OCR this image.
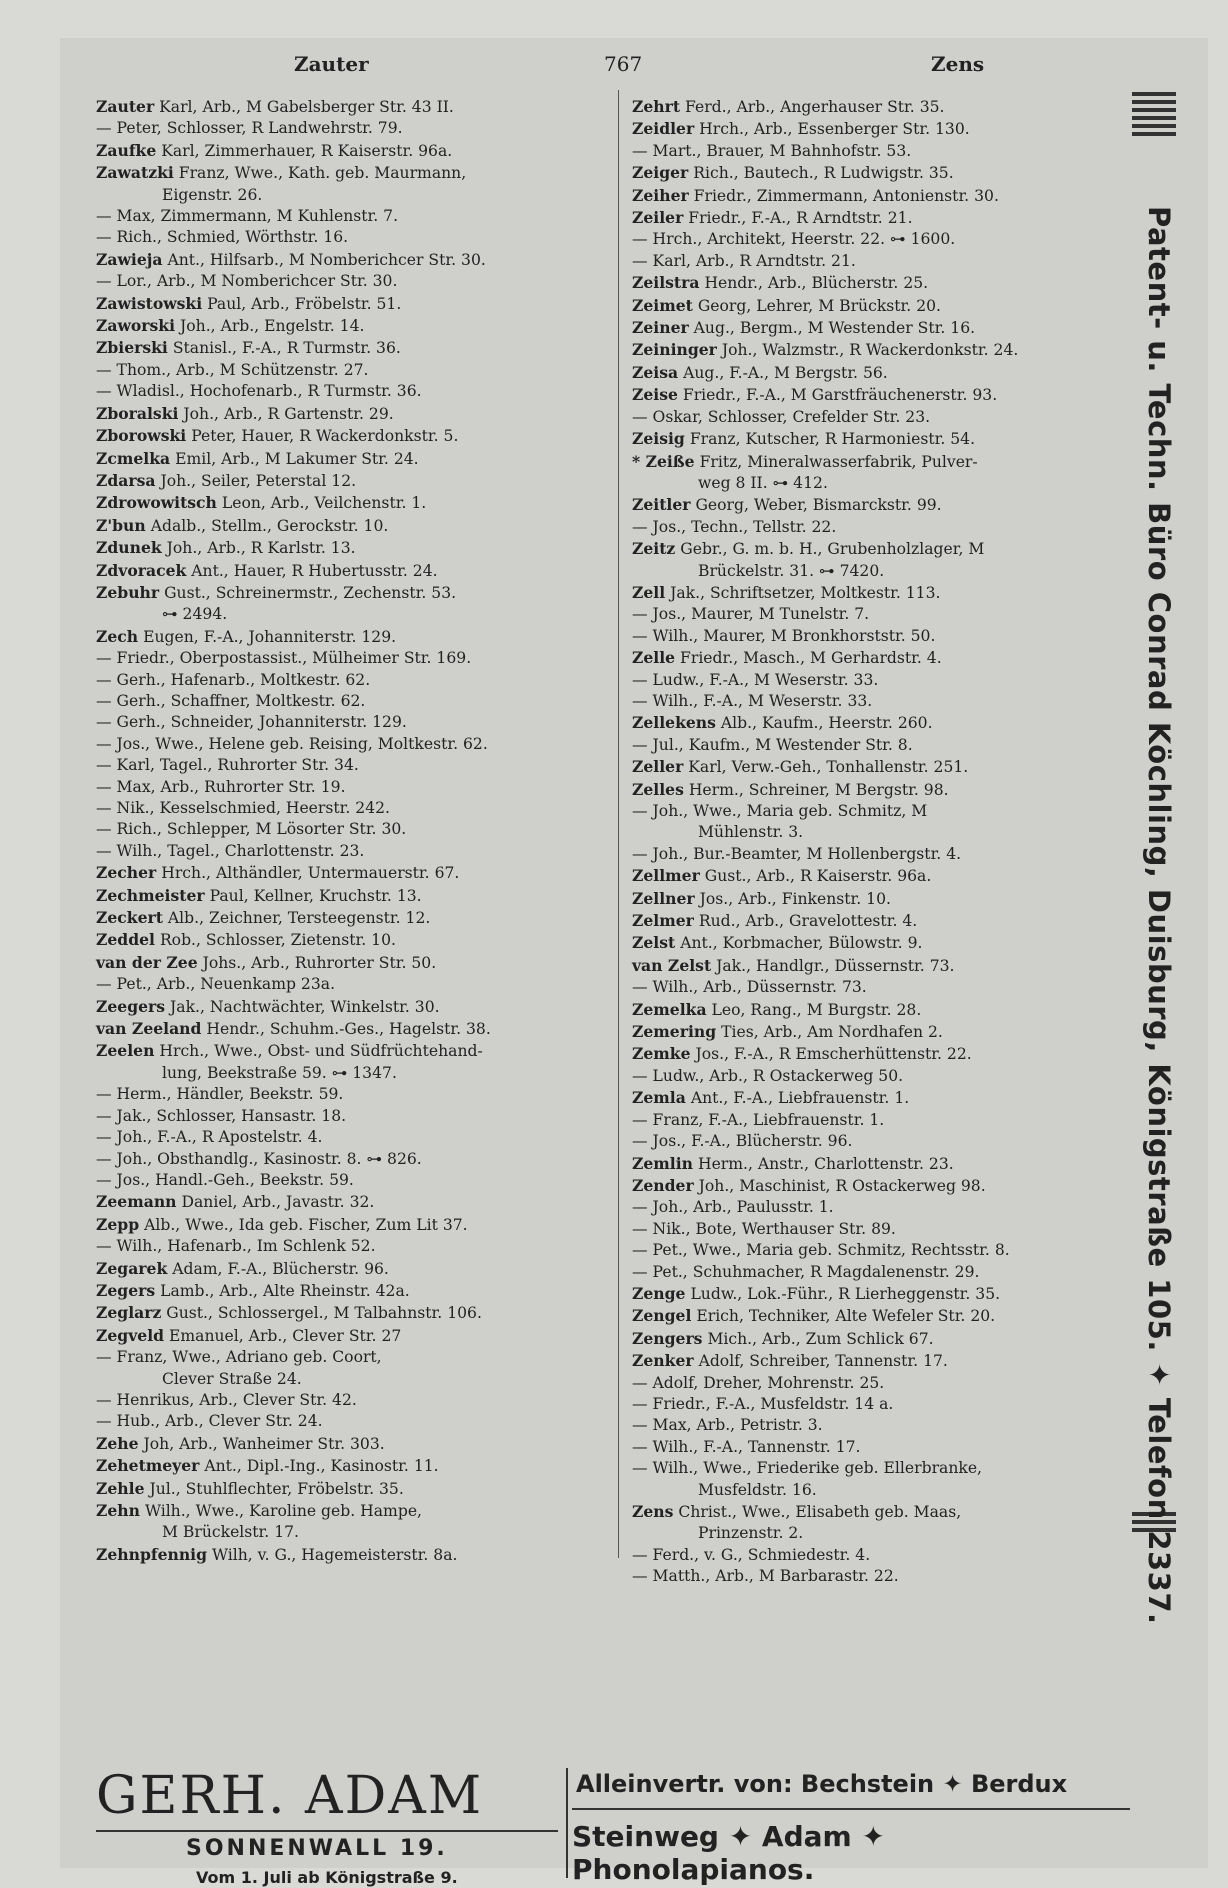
Zauter	767	Zens

Zauter Karl, Arb., M Gabelsberger Str. 43 II.

— Peter, Schlosser, R Landwehrstr. 79.

Zaufke Karl, Zimmerhauer, R Kaiserstr. 96a.

Zawatzki Franz, Wwe., Kath. geb. Maurmann,
Eigenstr. 26.

— Max, Zimmermann, M Kuhlenstr. 7.

— Rich., Schmied, Wörthstr. 16.

Zawieja Ant., Hilfsarb., M Nomberichcer Str. 30.

— Lor., Arb., M Nomberichcer Str. 30.

Zawistowski Paul, Arb., Fröbelstr. 51.

Zaworski Joh., Arb., Engelstr. 14.

Zbierski Stanisl., F.-A., R Turmstr. 36.

— Thom., Arb., M Schützenstr. 27.

— Wladisl., Hochofenarb., R Turmstr. 36.

Zboralski Joh., Arb., R Gartenstr. 29.

Zborowski Peter, Hauer, R Wackerdonkstr. 5.

Zcmelka Emil, Arb., M Lakumer Str. 24.

Zdarsa Joh., Seiler, Peterstal 12.

Zdrowowitsch Leon, Arb., Veilchenstr. 1.

Z'bun Adalb., Stellm., Gerockstr. 10.

Zdunek Joh., Arb., R Karlstr. 13.

Zdvoracek Ant., Hauer, R Hubertusstr. 24.

Zebuhr Gust., Schreinermstr., Zechenstr. 53.
⊶ 2494.

Zech Eugen, F.-A., Johanniterstr. 129.

— Friedr., Oberpostassist., Mülheimer Str. 169.

— Gerh., Hafenarb., Moltkestr. 62.

— Gerh., Schaffner, Moltkestr. 62.

— Gerh., Schneider, Johanniterstr. 129.

— Jos., Wwe., Helene geb. Reising, Moltkestr. 62.

— Karl, Tagel., Ruhrorter Str. 34.

— Max, Arb., Ruhrorter Str. 19.

— Nik., Kesselschmied, Heerstr. 242.

— Rich., Schlepper, M Lösorter Str. 30.

— Wilh., Tagel., Charlottenstr. 23.

Zecher Hrch., Althändler, Untermauerstr. 67.

Zechmeister Paul, Kellner, Kruchstr. 13.

Zeckert Alb., Zeichner, Tersteegenstr. 12.

Zeddel Rob., Schlosser, Zietenstr. 10.

van der Zee Johs., Arb., Ruhrorter Str. 50.

— Pet., Arb., Neuenkamp 23a.

Zeegers Jak., Nachtwächter, Winkelstr. 30.

van Zeeland Hendr., Schuhm.-Ges., Hagelstr. 38.

Zeelen Hrch., Wwe., Obst- und Südfrüchtehand-
lung, Beekstraße 59. ⊶ 1347.

— Herm., Händler, Beekstr. 59.

— Jak., Schlosser, Hansastr. 18.

— Joh., F.-A., R Apostelstr. 4.

— Joh., Obsthandlg., Kasinostr. 8. ⊶ 826.

— Jos., Handl.-Geh., Beekstr. 59.

Zeemann Daniel, Arb., Javastr. 32.

Zepp Alb., Wwe., Ida geb. Fischer, Zum Lit 37.

— Wilh., Hafenarb., Im Schlenk 52.

Zegarek Adam, F.-A., Blücherstr. 96.

Zegers Lamb., Arb., Alte Rheinstr. 42a.

Zeglarz Gust., Schlossergel., M Talbahnstr. 106.

Zegveld Emanuel, Arb., Clever Str. 27

— Franz, Wwe., Adriano geb. Coort,
Clever Straße 24.

— Henrikus, Arb., Clever Str. 42.

— Hub., Arb., Clever Str. 24.

Zehe Joh, Arb., Wanheimer Str. 303.

Zehetmeyer Ant., Dipl.-Ing., Kasinostr. 11.

Zehle Jul., Stuhlflechter, Fröbelstr. 35.

Zehn Wilh., Wwe., Karoline geb. Hampe,
M Brückelstr. 17.

Zehnpfennig Wilh, v. G., Hagemeisterstr. 8a.

Zehrt Ferd., Arb., Angerhauser Str. 35.

Zeidler Hrch., Arb., Essenberger Str. 130.

— Mart., Brauer, M Bahnhofstr. 53.

Zeiger Rich., Bautech., R Ludwigstr. 35.

Zeiher Friedr., Zimmermann, Antonienstr. 30.

Zeiler Friedr., F.-A., R Arndtstr. 21.

— Hrch., Architekt, Heerstr. 22. ⊶ 1600.

— Karl, Arb., R Arndtstr. 21.

Zeilstra Hendr., Arb., Blücherstr. 25.

Zeimet Georg, Lehrer, M Brückstr. 20.

Zeiner Aug., Bergm., M Westender Str. 16.

Zeininger Joh., Walzmstr., R Wackerdonkstr. 24.

Zeisa Aug., F.-A., M Bergstr. 56.

Zeise Friedr., F.-A., M Garstfräuchenerstr. 93.

— Oskar, Schlosser, Crefelder Str. 23.

Zeisig Franz, Kutscher, R Harmoniestr. 54.

* Zeiße Fritz, Mineralwasserfabrik, Pulver-
weg 8 II. ⊶ 412.

Zeitler Georg, Weber, Bismarckstr. 99.

— Jos., Techn., Tellstr. 22.

Zeitz Gebr., G. m. b. H., Grubenholzlager, M
Brückelstr. 31. ⊶ 7420.

Zell Jak., Schriftsetzer, Moltkestr. 113.

— Jos., Maurer, M Tunelstr. 7.

— Wilh., Maurer, M Bronkhorststr. 50.

Zelle Friedr., Masch., M Gerhardstr. 4.

— Ludw., F.-A., M Weserstr. 33.

— Wilh., F.-A., M Weserstr. 33.

Zellekens Alb., Kaufm., Heerstr. 260.

— Jul., Kaufm., M Westender Str. 8.

Zeller Karl, Verw.-Geh., Tonhallenstr. 251.

Zelles Herm., Schreiner, M Bergstr. 98.

— Joh., Wwe., Maria geb. Schmitz, M
Mühlenstr. 3.

— Joh., Bur.-Beamter, M Hollenbergstr. 4.

Zellmer Gust., Arb., R Kaiserstr. 96a.

Zellner Jos., Arb., Finkenstr. 10.

Zelmer Rud., Arb., Gravelottestr. 4.

Zelst Ant., Korbmacher, Bülowstr. 9.

van Zelst Jak., Handlgr., Düssernstr. 73.

— Wilh., Arb., Düssernstr. 73.

Zemelka Leo, Rang., M Burgstr. 28.

Zemering Ties, Arb., Am Nordhafen 2.

Zemke Jos., F.-A., R Emscherhüttenstr. 22.

— Ludw., Arb., R Ostackerweg 50.

Zemla Ant., F.-A., Liebfrauenstr. 1.

— Franz, F.-A., Liebfrauenstr. 1.

— Jos., F.-A., Blücherstr. 96.

Zemlin Herm., Anstr., Charlottenstr. 23.

Zender Joh., Maschinist, R Ostackerweg 98.

— Joh., Arb., Paulusstr. 1.

— Nik., Bote, Werthauser Str. 89.

— Pet., Wwe., Maria geb. Schmitz, Rechtsstr. 8.

— Pet., Schuhmacher, R Magdalenenstr. 29.

Zenge Ludw., Lok.-Führ., R Lierheggenstr. 35.

Zengel Erich, Techniker, Alte Wefeler Str. 20.

Zengers Mich., Arb., Zum Schlick 67.

Zenker Adolf, Schreiber, Tannenstr. 17.

— Adolf, Dreher, Mohrenstr. 25.

— Friedr., F.-A., Musfeldstr. 14 a.

— Max, Arb., Petristr. 3.

— Wilh., F.-A., Tannenstr. 17.

— Wilh., Wwe., Friederike geb. Ellerbranke,
Musfeldstr. 16.

Zens Christ., Wwe., Elisabeth geb. Maas,
Prinzenstr. 2.

— Ferd., v. G., Schmiedestr. 4.

— Matth., Arb., M Barbarastr. 22.	Patent- u. Techn. Büro Conrad Köchling, Duisburg, Königstraße 105. ✦ Telefon 2337.
GERH. ADAM
SONNENWALL 19.
Vom 1. Juli ab Königstraße 9.
Alleinvertr. von: Bechstein ✦ Berdux
Steinweg ✦ Adam ✦ Phonolapianos.
